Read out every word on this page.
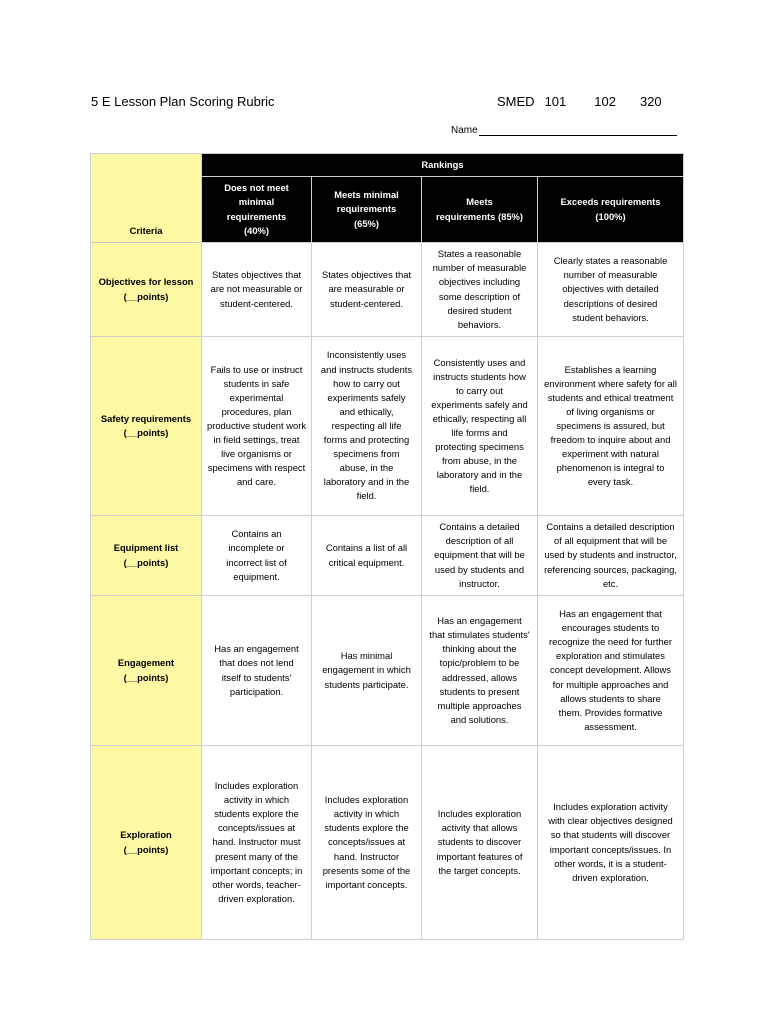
5 E Lesson Plan Scoring Rubric	SMED 101 102 320
Name
Criteria	Rankings			
	Does not meet minimal requirements (40%)	Meets minimal requirements (65%)	Meets requirements (85%)	Exceeds requirements (100%)

Objectives for lesson
(__points)	States objectives that are not measurable or student-centered.	States objectives that are measurable or student-centered.	States a reasonable number of measurable objectives including some description of desired student behaviors.	Clearly states a reasonable number of measurable objectives with detailed descriptions of desired student behaviors.

Safety requirements
(__points)	Fails to use or instruct students in safe experimental procedures, plan productive student work in field settings, treat live organisms or specimens with respect and care.	Inconsistently uses and instructs students how to carry out experiments safely and ethically, respecting all life forms and protecting specimens from abuse, in the laboratory and in the field.	Consistently uses and instructs students how to carry out experiments safely and ethically, respecting all life forms and protecting specimens from abuse, in the laboratory and in the field.	Establishes a learning environment where safety for all students and ethical treatment of living organisms or specimens is assured, but freedom to inquire about and experiment with natural phenomenon is integral to every task.

Equipment list
(__points)	Contains an incomplete or incorrect list of equipment.	Contains a list of all critical equipment.	Contains a detailed description of all equipment that will be used by students and instructor.	Contains a detailed description of all equipment that will be used by students and instructor, referencing sources, packaging, etc.

Engagement
(__points)	Has an engagement that does not lend itself to students' participation.	Has minimal engagement in which students participate.	Has an engagement that stimulates students' thinking about the topic/problem to be addressed, allows students to present multiple approaches and solutions.	Has an engagement that encourages students to recognize the need for further exploration and stimulates concept development. Allows for multiple approaches and allows students to share them. Provides formative assessment.

Exploration
(__points)	Includes exploration activity in which students explore the concepts/issues at hand. Instructor must present many of the important concepts; in other words, teacher-driven exploration.	Includes exploration activity in which students explore the concepts/issues at hand. Instructor presents some of the important concepts.	Includes exploration activity that allows students to discover important features of the target concepts.	Includes exploration activity with clear objectives designed so that students will discover important concepts/issues. In other words, it is a student-driven exploration.
